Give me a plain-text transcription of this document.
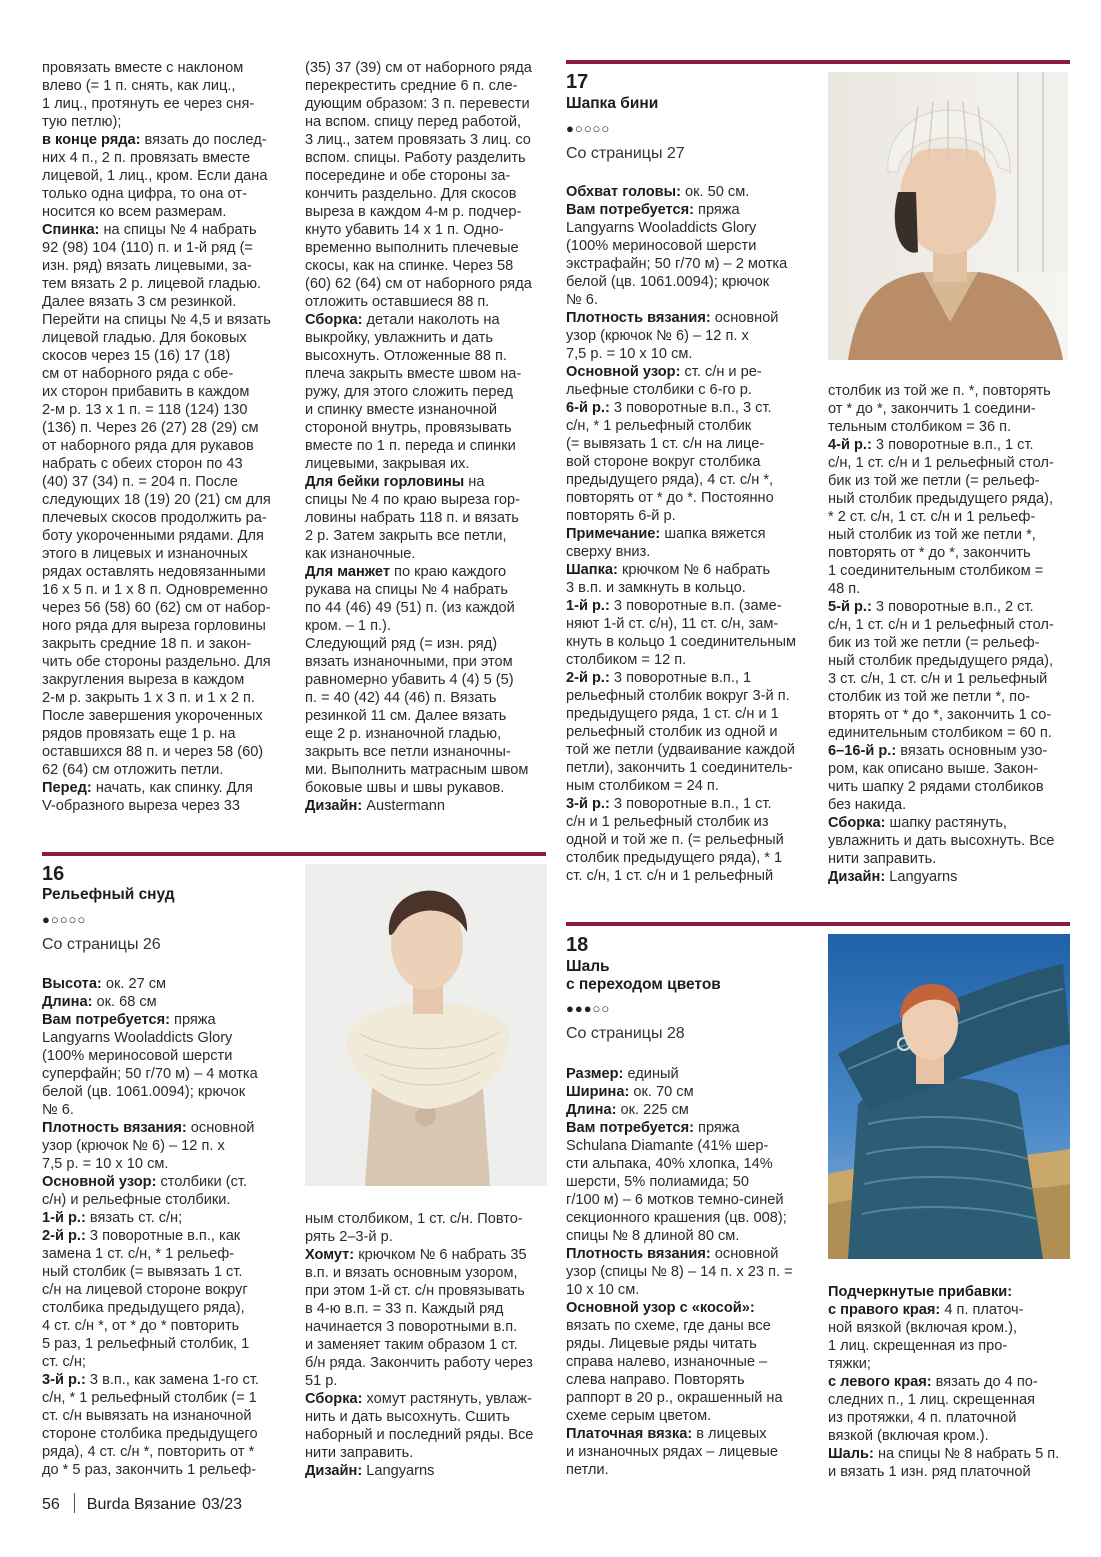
провязать вместе с наклоном
влево (= 1 п. снять, как лиц.,
1 лиц., протянуть ее через сня-
тую петлю);

в конце ряда: вязать до послед-
них 4 п., 2 п. провязать вместе
лицевой, 1 лиц., кром. Если дана
только одна цифра, то она от-
носится ко всем размерам.

Спинка: на спицы № 4 набрать
92 (98) 104 (110) п. и 1-й ряд (=
изн. ряд) вязать лицевыми, за-
тем вязать 2 р. лицевой гладью.
Далее вязать 3 см резинкой.
Перейти на спицы № 4,5 и вязать
лицевой гладью. Для боковых
скосов через 15 (16) 17 (18)
см от наборного ряда с обе-
их сторон прибавить в каждом
2-м р. 13 х 1 п. = 118 (124) 130
(136) п. Через 26 (27) 28 (29) см
от наборного ряда для рукавов
набрать с обеих сторон по 43
(40) 37 (34) п. = 204 п. После
следующих 18 (19) 20 (21) см для
плечевых скосов продолжить ра-
боту укороченными рядами. Для
этого в лицевых и изнаночных
рядах оставлять недовязанными
16 х 5 п. и 1 х 8 п. Одновременно
через 56 (58) 60 (62) см от набор-
ного ряда для выреза горловины
закрыть средние 18 п. и закон-
чить обе стороны раздельно. Для
закругления выреза в каждом
2-м р. закрыть 1 х 3 п. и 1 х 2 п.
После завершения укороченных
рядов провязать еще 1 р. на
оставшихся 88 п. и через 58 (60)
62 (64) см отложить петли.

Перед: начать, как спинку. Для
V-образного выреза через 33

(35) 37 (39) см от наборного ряда
перекрестить средние 6 п. сле-
дующим образом: 3 п. перевести
на вспом. спицу перед работой,
3 лиц., затем провязать 3 лиц. со
вспом. спицы. Работу разделить
посередине и обе стороны за-
кончить раздельно. Для скосов
выреза в каждом 4-м р. подчер-
кнуто убавить 14 х 1 п. Одно-
временно выполнить плечевые
скосы, как на спинке. Через 58
(60) 62 (64) см от наборного ряда
отложить оставшиеся 88 п.

Сборка: детали наколоть на
выкройку, увлажнить и дать
высохнуть. Отложенные 88 п.
плеча закрыть вместе швом на-
ружу, для этого сложить перед
и спинку вместе изнаночной
стороной внутрь, провязывать
вместе по 1 п. переда и спинки
лицевыми, закрывая их.

Для бейки горловины на
спицы № 4 по краю выреза гор-
ловины набрать 118 п. и вязать
2 р. Затем закрыть все петли,
как изнаночные.

Для манжет по краю каждого
рукава на спицы № 4 набрать
по 44 (46) 49 (51) п. (из каждой
кром. – 1 п.).
Следующий ряд (= изн. ряд)
вязать изнаночными, при этом
равномерно убавить 4 (4) 5 (5)
п. = 40 (42) 44 (46) п. Вязать
резинкой 11 см. Далее вязать
еще 2 р. изнаночной гладью,
закрыть все петли изнаночны-
ми. Выполнить матрасным швом
боковые швы и швы рукавов.

Дизайн: Austermann

17
Шапка бини
●○○○○
Со страницы 27

Обхват головы: ок. 50 см.

Вам потребуется: пряжа
Langyarns Wooladdicts Glory
(100% мериносовой шерсти
экстрафайн; 50 г/70 м) – 2 мотка
белой (цв. 1061.0094); крючок
№ 6.

Плотность вязания: основной
узор (крючок № 6) – 12 п. х
7,5 р. = 10 х 10 см.

Основной узор: ст. с/н и ре-
льефные столбики с 6-го р.

6-й р.: 3 поворотные в.п., 3 ст.
с/н, * 1 рельефный столбик
(= вывязать 1 ст. с/н на лице-
вой стороне вокруг столбика
предыдущего ряда), 4 ст. с/н *,
повторять от * до *. Постоянно
повторять 6-й р.

Примечание: шапка вяжется
сверху вниз.

Шапка: крючком № 6 набрать
3 в.п. и замкнуть в кольцо.

1-й р.: 3 поворотные в.п. (заме-
няют 1-й ст. с/н), 11 ст. с/н, зам-
кнуть в кольцо 1 соединительным
столбиком = 12 п.

2-й р.: 3 поворотные в.п., 1
рельефный столбик вокруг 3-й п.
предыдущего ряда, 1 ст. с/н и 1
рельефный столбик из одной и
той же петли (удваивание каждой
петли), закончить 1 соединитель-
ным столбиком = 24 п.

3-й р.: 3 поворотные в.п., 1 ст.
с/н и 1 рельефный столбик из
одной и той же п. (= рельефный
столбик предыдущего ряда), * 1
ст. с/н, 1 ст. с/н и 1 рельефный

столбик из той же п. *, повторять
от * до *, закончить 1 соедини-
тельным столбиком = 36 п.

4-й р.: 3 поворотные в.п., 1 ст.
с/н, 1 ст. с/н и 1 рельефный стол-
бик из той же петли (= рельеф-
ный столбик предыдущего ряда),
* 2 ст. с/н, 1 ст. с/н и 1 рельеф-
ный столбик из той же петли *,
повторять от * до *, закончить
1 соединительным столбиком =
48 п.

5-й р.: 3 поворотные в.п., 2 ст.
с/н, 1 ст. с/н и 1 рельефный стол-
бик из той же петли (= рельеф-
ный столбик предыдущего ряда),
3 ст. с/н, 1 ст. с/н и 1 рельефный
столбик из той же петли *, по-
вторять от * до *, закончить 1 со-
единительным столбиком = 60 п.

6–16-й р.: вязать основным узо-
ром, как описано выше. Закон-
чить шапку 2 рядами столбиков
без накида.

Сборка: шапку растянуть,
увлажнить и дать высохнуть. Все
нити заправить.

Дизайн: Langyarns

16
Рельефный снуд
●○○○○
Со страницы 26

Высота: ок. 27 см

Длина: ок. 68 см

Вам потребуется: пряжа
Langyarns Wooladdicts Glory
(100% мериносовой шерсти
суперфайн; 50 г/70 м) – 4 мотка
белой (цв. 1061.0094); крючок
№ 6.

Плотность вязания: основной
узор (крючок № 6) – 12 п. х
7,5 р. = 10 х 10 см.

Основной узор: столбики (ст.
с/н) и рельефные столбики.

1-й р.: вязать ст. с/н;

2-й р.: 3 поворотные в.п., как
замена 1 ст. с/н, * 1 рельеф-
ный столбик (= вывязать 1 ст.
с/н на лицевой стороне вокруг
столбика предыдущего ряда),
4 ст. с/н *, от * до * повторить
5 раз, 1 рельефный столбик, 1
ст. с/н;

3-й р.: 3 в.п., как замена 1-го ст.
с/н, * 1 рельефный столбик (= 1
ст. с/н вывязать на изнаночной
стороне столбика предыдущего
ряда), 4 ст. с/н *, повторить от *
до * 5 раз, закончить 1 рельеф-

ным столбиком, 1 ст. с/н. Повто-
рять 2–3-й р.

Хомут: крючком № 6 набрать 35
в.п. и вязать основным узором,
при этом 1-й ст. с/н провязывать
в 4-ю в.п. = 33 п. Каждый ряд
начинается 3 поворотными в.п.
и заменяет таким образом 1 ст.
б/н ряда. Закончить работу через
51 р.

Сборка: хомут растянуть, увлаж-
нить и дать высохнуть. Сшить
наборный и последний ряды. Все
нити заправить.

Дизайн: Langyarns

18
Шаль
с переходом цветов
●●●○○
Со страницы 28

Размер: единый

Ширина: ок. 70 см

Длина: ок. 225 см

Вам потребуется: пряжа
Schulana Diamante (41% шер-
сти альпака, 40% хлопка, 14%
шерсти, 5% полиамида; 50
г/100 м) – 6 мотков темно-синей
секционного крашения (цв. 008);
спицы № 8 длиной 80 см.

Плотность вязания: основной
узор (спицы № 8) – 14 п. х 23 п. =
10 х 10 см.

Основной узор с «косой»:
вязать по схеме, где даны все
ряды. Лицевые ряды читать
справа налево, изнаночные –
слева направо. Повторять
раппорт в 20 р., окрашенный на
схеме серым цветом.

Платочная вязка: в лицевых
и изнаночных рядах – лицевые
петли.

Подчеркнутые прибавки:

с правого края: 4 п. платоч-
ной вязкой (включая кром.),
1 лиц. скрещенная из про-
тяжки;

с левого края: вязать до 4 по-
следних п., 1 лиц. скрещенная
из протяжки, 4 п. платочной
вязкой (включая кром.).

Шаль: на спицы № 8 набрать 5 п.
и вязать 1 изн. ряд платочной

56 Burda Вязание 03/23
